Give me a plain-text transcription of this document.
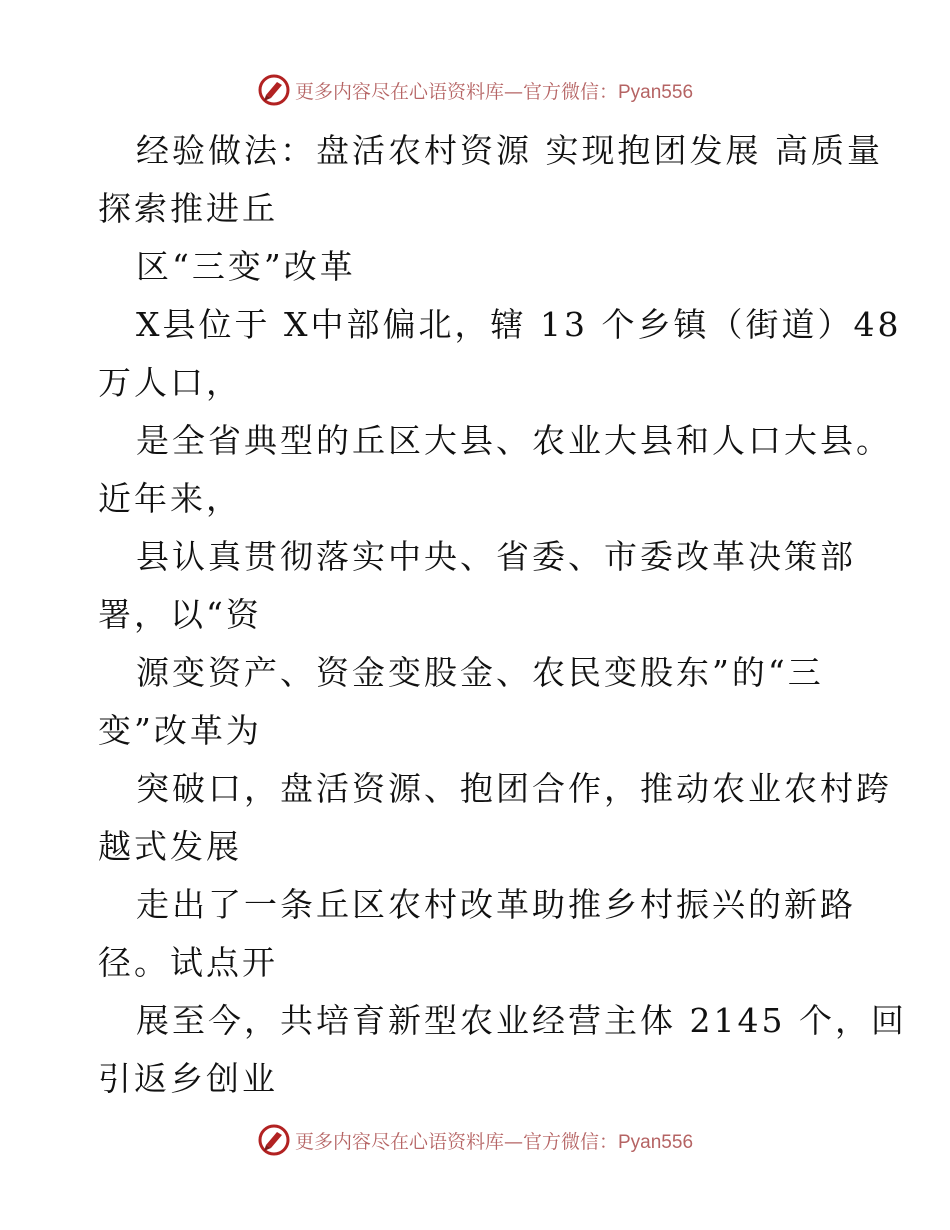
更多内容尽在心语资料库—官方微信：Pyan556

经验做法：盘活农村资源 实现抱团发展 高质量

探索推进丘

区“三变”改革

X县位于 X中部偏北，辖 13 个乡镇（街道）48

万人口，

是全省典型的丘区大县、农业大县和人口大县。

近年来，

县认真贯彻落实中央、省委、市委改革决策部

署，以“资

源变资产、资金变股金、农民变股东”的“三

变”改革为

突破口，盘活资源、抱团合作，推动农业农村跨

越式发展

走出了一条丘区农村改革助推乡村振兴的新路

径。试点开

展至今，共培育新型农业经营主体 2145 个，回

引返乡创业

更多内容尽在心语资料库—官方微信：Pyan556
